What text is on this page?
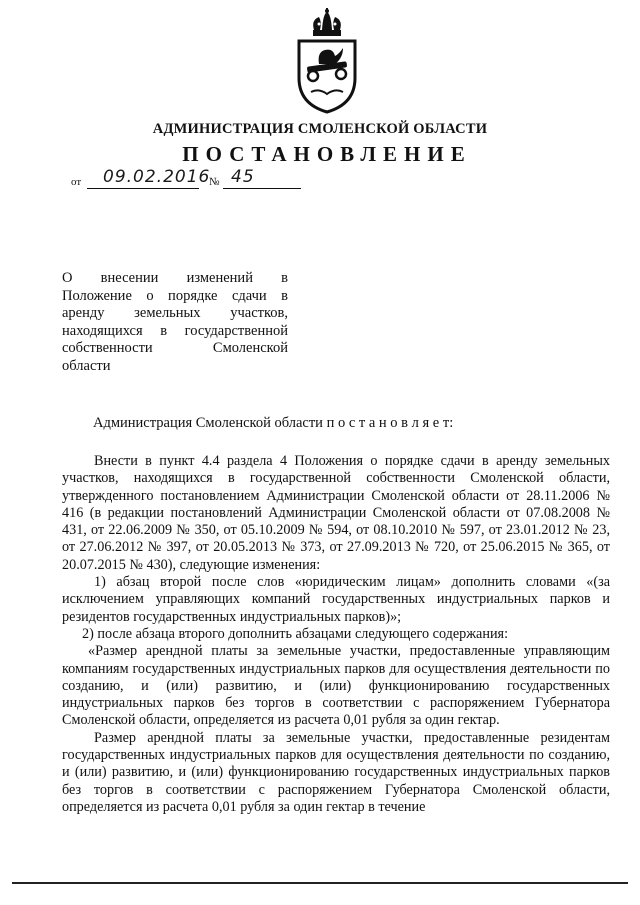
АДМИНИСТРАЦИЯ СМОЛЕНСКОЙ ОБЛАСТИ
ПОСТАНОВЛЕНИЕ
от 09.02.2016
№ 45
О внесении изменений в
Положение о порядке сдачи в
аренду земельных участков,
находящихся в государственной
собственности Смоленской
области
Администрация Смоленской области п о с т а н о в л я е т:

Внести в пункт 4.4 раздела 4 Положения о порядке сдачи в аренду земельных участков, находящихся в государственной собственности Смоленской области, утвержденного постановлением Администрации Смоленской области от 28.11.2006 № 416 (в редакции постановлений Администрации Смоленской области от 07.08.2008 № 431, от 22.06.2009 № 350, от 05.10.2009 № 594, от 08.10.2010 № 597, от 23.01.2012 № 23, от 27.06.2012 № 397, от 20.05.2013 № 373, от 27.09.2013 № 720, от 25.06.2015 № 365, от 20.07.2015 № 430), следующие изменения:

1) абзац второй после слов «юридическим лицам» дополнить словами «(за исключением управляющих компаний государственных индустриальных парков и резидентов государственных индустриальных парков)»;

2) после абзаца второго дополнить абзацами следующего содержания:

«Размер арендной платы за земельные участки, предоставленные управляющим компаниям государственных индустриальных парков для осуществления деятельности по созданию, и (или) развитию, и (или) функционированию государственных индустриальных парков без торгов в соответствии с распоряжением Губернатора Смоленской области, определяется из расчета 0,01 рубля за один гектар.

Размер арендной платы за земельные участки, предоставленные резидентам государственных индустриальных парков для осуществления деятельности по созданию, и (или) развитию, и (или) функционированию государственных индустриальных парков без торгов в соответствии с распоряжением Губернатора Смоленской области, определяется из расчета 0,01 рубля за один гектар в течение
